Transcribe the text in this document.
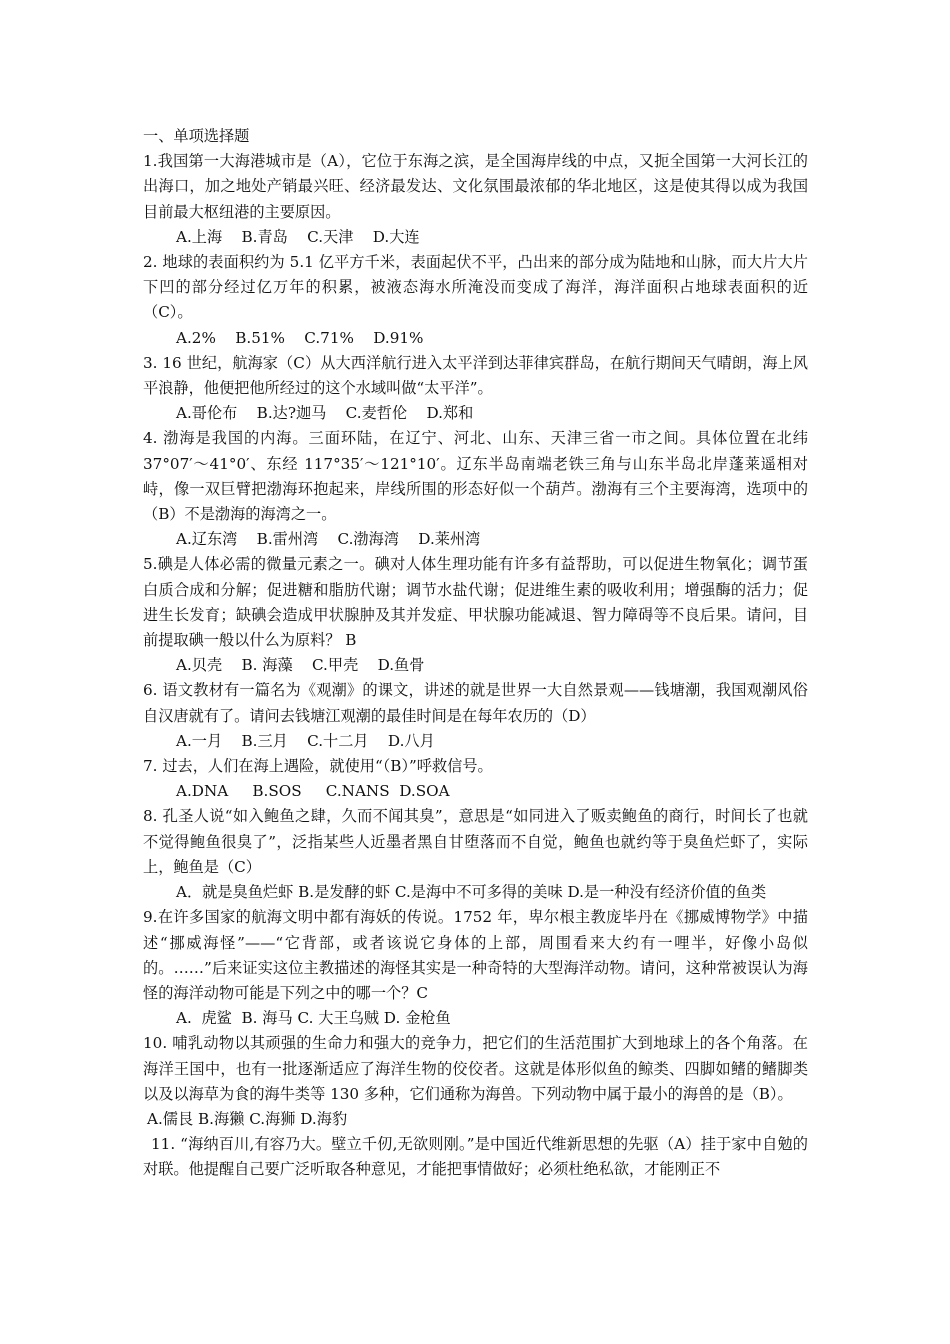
一、单项选择题

1.我国第一大海港城市是（A），它位于东海之滨，是全国海岸线的中点，又扼全国第一大河长江的出海口，加之地处产销最兴旺、经济最发达、文化氛围最浓郁的华北地区，这是使其得以成为我国目前最大枢纽港的主要原因。

A.上海    B.青岛    C.天津    D.大连

2. 地球的表面积约为 5.1 亿平方千米，表面起伏不平，凸出来的部分成为陆地和山脉，而大片大片下凹的部分经过亿万年的积累，被液态海水所淹没而变成了海洋，海洋面积占地球表面积的近（C）。

A.2%    B.51%    C.71%    D.91%

3. 16 世纪，航海家（C）从大西洋航行进入太平洋到达菲律宾群岛，在航行期间天气晴朗，海上风平浪静，他便把他所经过的这个水域叫做“太平洋”。

A.哥伦布    B.达?迦马    C.麦哲伦    D.郑和

4. 渤海是我国的内海。三面环陆，在辽宁、河北、山东、天津三省一市之间。具体位置在北纬 37°07′～41°0′、东经 117°35′～121°10′。辽东半岛南端老铁三角与山东半岛北岸蓬莱遥相对峙，像一双巨臂把渤海环抱起来，岸线所围的形态好似一个葫芦。渤海有三个主要海湾，选项中的（B）不是渤海的海湾之一。

A.辽东湾    B.雷州湾    C.渤海湾    D.莱州湾

5.碘是人体必需的微量元素之一。碘对人体生理功能有许多有益帮助，可以促进生物氧化；调节蛋白质合成和分解；促进糖和脂肪代谢；调节水盐代谢；促进维生素的吸收利用；增强酶的活力；促进生长发育；缺碘会造成甲状腺肿及其并发症、甲状腺功能减退、智力障碍等不良后果。请问，目前提取碘一般以什么为原料？ B

A.贝壳    B. 海藻    C.甲壳    D.鱼骨

6. 语文教材有一篇名为《观潮》的课文，讲述的就是世界一大自然景观——钱塘潮，我国观潮风俗自汉唐就有了。请问去钱塘江观潮的最佳时间是在每年农历的（D）

A.一月    B.三月    C.十二月    D.八月

7. 过去，人们在海上遇险，就使用“（B）”呼救信号。

A.DNA     B.SOS     C.NANS  D.SOA

8. 孔圣人说“如入鲍鱼之肆，久而不闻其臭”，意思是“如同进入了贩卖鲍鱼的商行，时间长了也就不觉得鲍鱼很臭了”，泛指某些人近墨者黑自甘堕落而不自觉，鲍鱼也就约等于臭鱼烂虾了，实际上，鲍鱼是（C）

A．就是臭鱼烂虾 B.是发酵的虾 C.是海中不可多得的美味 D.是一种没有经济价值的鱼类

9.在许多国家的航海文明中都有海妖的传说。1752 年，卑尔根主教庞毕丹在《挪威博物学》中描述“挪威海怪”——“它背部，或者该说它身体的上部，周围看来大约有一哩半，好像小岛似的。……”后来证实这位主教描述的海怪其实是一种奇特的大型海洋动物。请问，这种常被误认为海怪的海洋动物可能是下列之中的哪一个？C

A.  虎鲨  B. 海马 C. 大王乌贼 D. 金枪鱼

10. 哺乳动物以其顽强的生命力和强大的竞争力，把它们的生活范围扩大到地球上的各个角落。在海洋王国中，也有一批逐渐适应了海洋生物的佼佼者。这就是体形似鱼的鲸类、四脚如鳍的鳍脚类以及以海草为食的海牛类等 130 多种，它们通称为海兽。下列动物中属于最小的海兽的是（B）。

A.儒艮 B.海獭 C.海狮 D.海豹

11. “海纳百川,有容乃大。壁立千仞,无欲则刚。”是中国近代维新思想的先驱（A）挂于家中自勉的对联。他提醒自己要广泛听取各种意见，才能把事情做好；必须杜绝私欲，才能刚正不
